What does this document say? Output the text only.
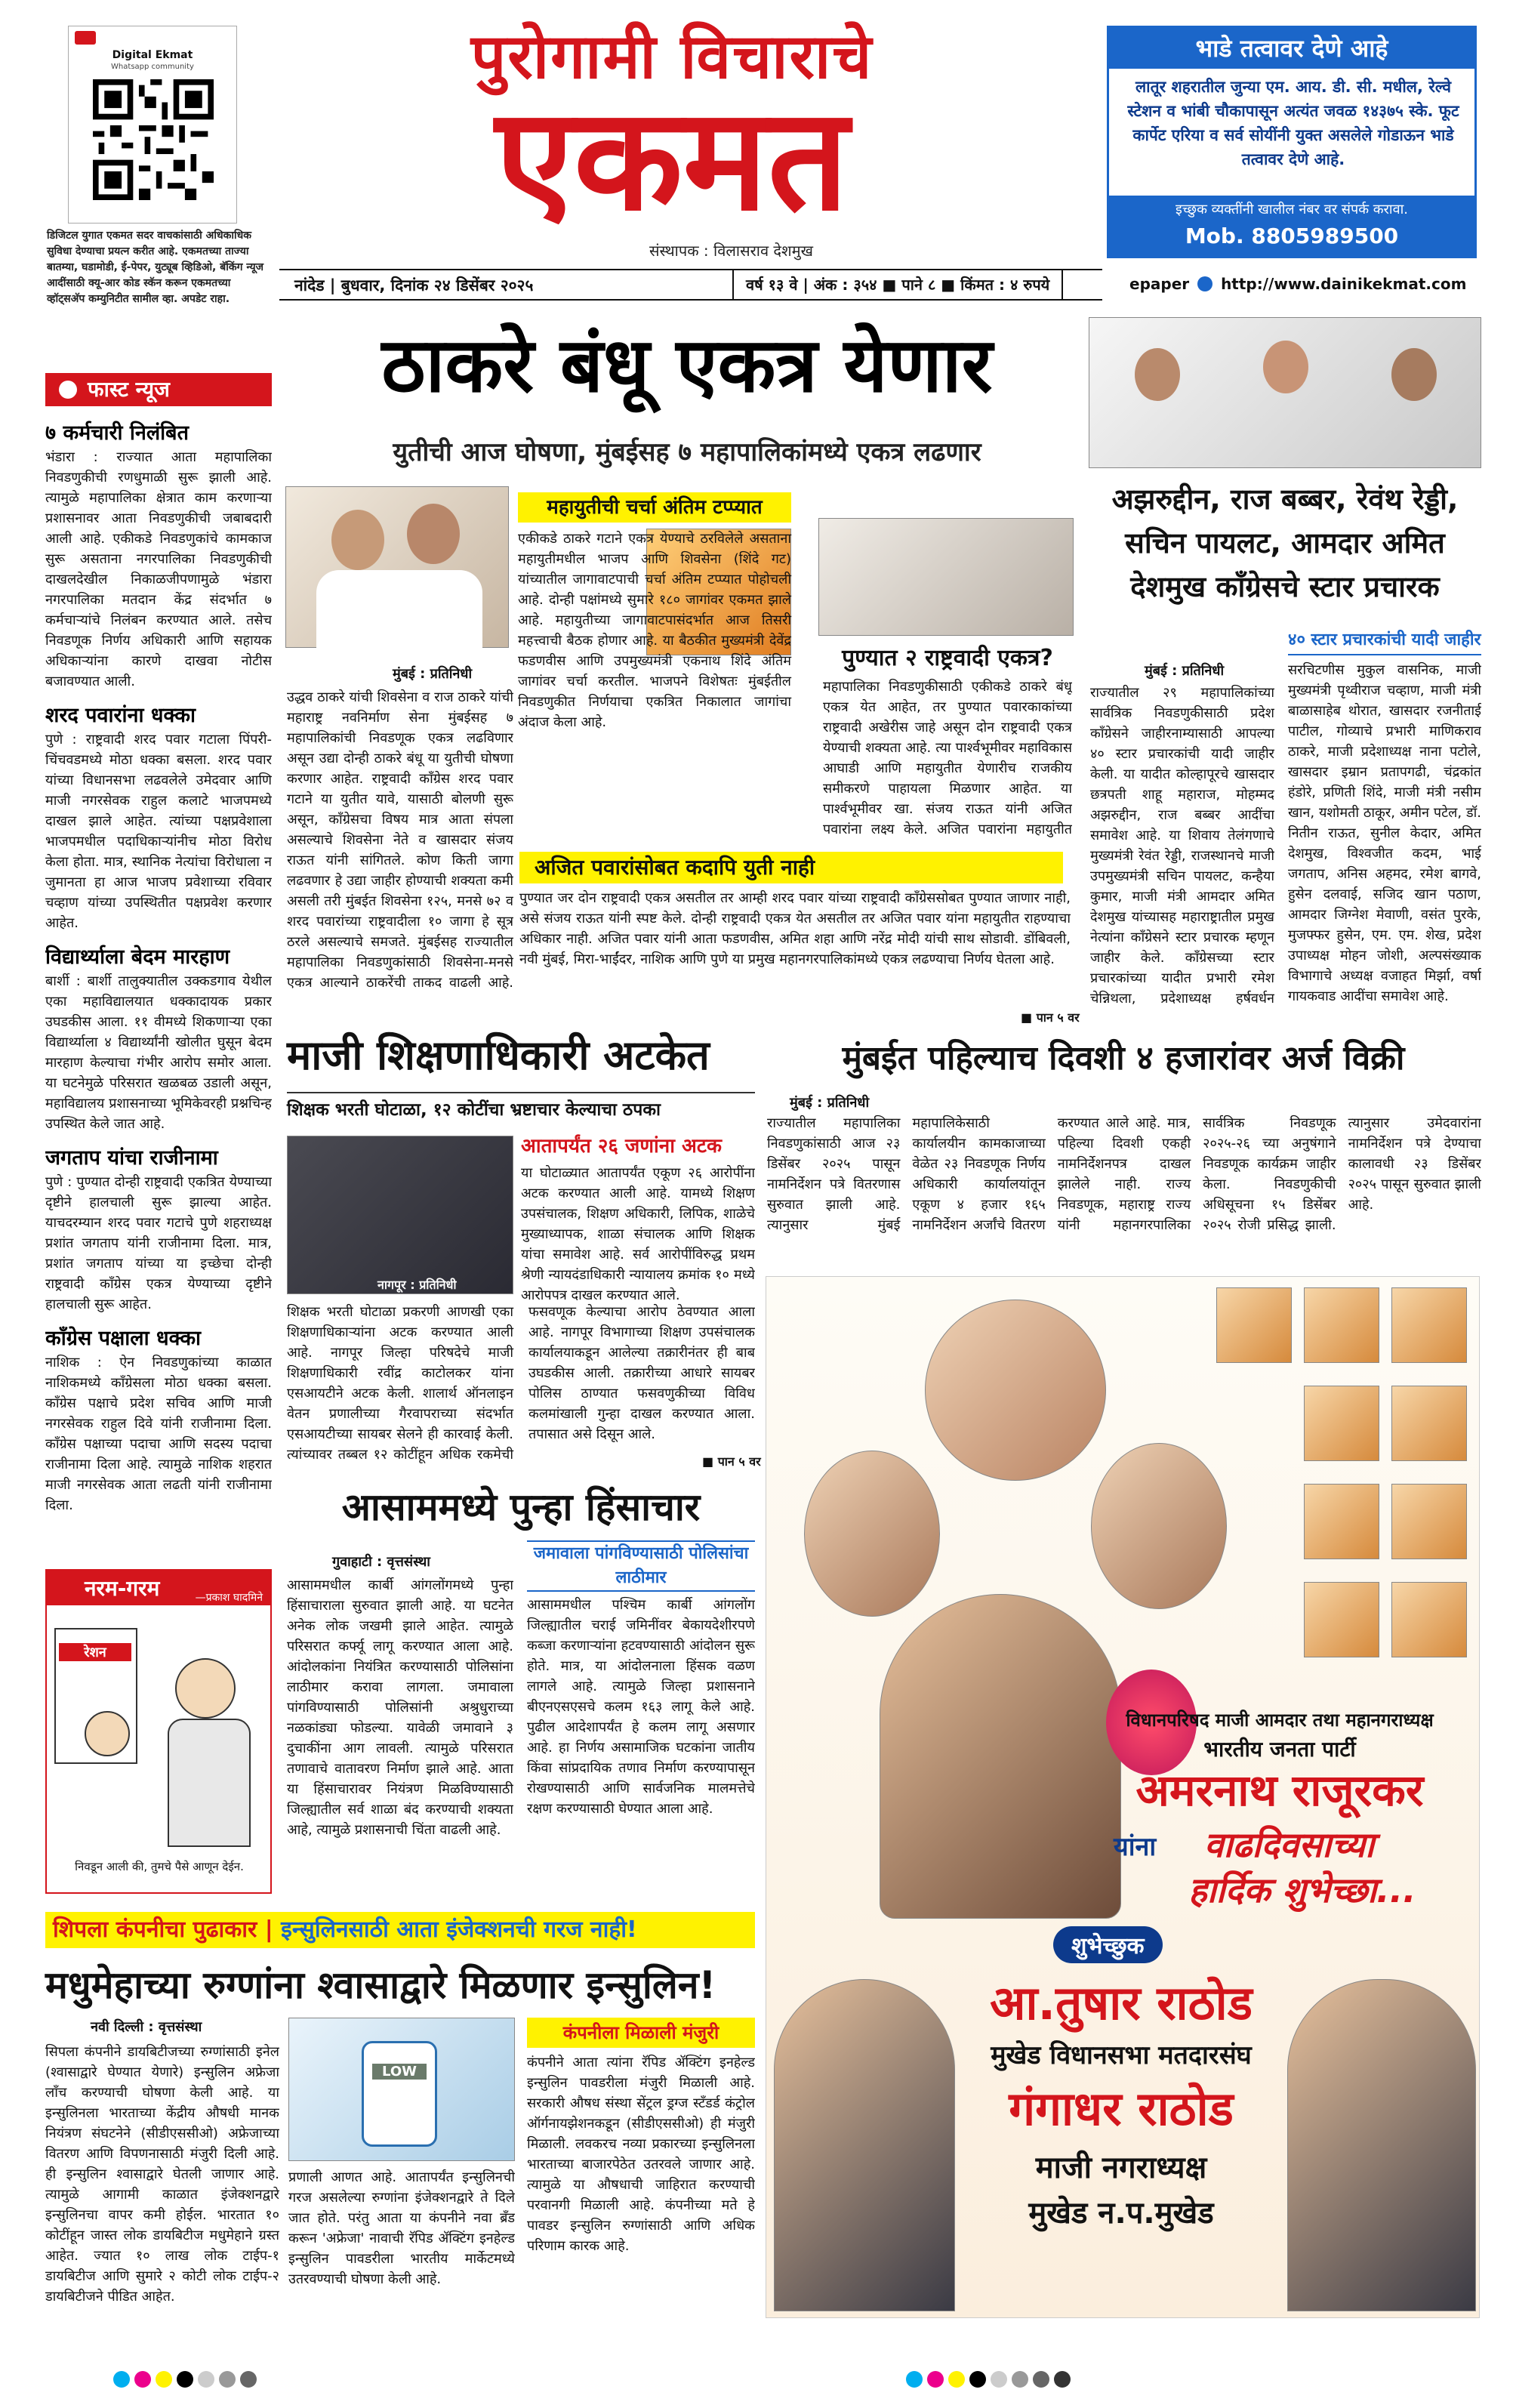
Digital Ekmat
Whatsapp community
डिजिटल युगात एकमत सदर वाचकांसाठी अधिकाधिक सुविधा देण्याचा प्रयत्न करीत आहे. एकमतच्या ताज्या बातम्या, घडामोडी, ई-पेपर, युट्यूब व्हिडिओ, बॅकिंग न्यूज आदींसाठी क्यू-आर कोड स्कॅन करून एकमतच्या व्हॉट्सअ‍ॅप कम्युनिटीत सामील व्हा. अपडेट राहा.
पुरोगामी विचाराचे
एकमत
संस्थापक : विलासराव देशमुख
भाडे तत्वावर देणे आहे
लातूर शहरातील जुन्या एम. आय. डी. सी. मधील, रेल्वे स्टेशन व भांबी चौकापासून अत्यंत जवळ १४३७५ स्के. फूट कार्पेट एरिया व सर्व सोयींनी युक्त असलेले गोडाऊन भाडे तत्वावर देणे आहे.
इच्छुक व्यक्तींनी खालील नंबर वर संपर्क करावा.
Mob. 8805989500
नांदेड | बुधवार, दिनांक २४ डिसेंबर २०२५	वर्ष १३ वे | अंक : ३५४ ■ पाने ८ ■ किंमत : ४ रुपये	epaper http://www.dainikekmat.com
फास्ट न्यूज
७ कर्मचारी निलंबित
भंडारा : राज्यात आता महापालिका निवडणुकीची रणधुमाळी सुरू झाली आहे. त्यामुळे महापालिका क्षेत्रात काम करणाऱ्या प्रशासनावर आता निवडणुकीची जबाबदारी आली आहे. एकीकडे निवडणुकांचे कामकाज सुरू असताना नगरपालिका निवडणुकीची दाखलदेखील निकाळजीपणामुळे भंडारा नगरपालिका मतदान केंद्र संदर्भात ७ कर्मचाऱ्यांचे निलंबन करण्यात आले. तसेच निवडणूक निर्णय अधिकारी आणि सहायक अधिकाऱ्यांना कारणे दाखवा नोटीस बजावण्यात आली.
शरद पवारांना धक्का
पुणे : राष्ट्रवादी शरद पवार गटाला पिंपरी-चिंचवडमध्ये मोठा धक्का बसला. शरद पवार यांच्या विधानसभा लढवलेले उमेदवार आणि माजी नगरसेवक राहुल कलाटे भाजपमध्ये दाखल झाले आहेत. त्यांच्या पक्षप्रवेशाला भाजपमधील पदाधिकाऱ्यांनीच मोठा विरोध केला होता. मात्र, स्थानिक नेत्यांचा विरोधाला न जुमानता हा आज भाजप प्रवेशाच्या रविवार चव्हाण यांच्या उपस्थितीत पक्षप्रवेश करणार आहेत.
विद्यार्थ्याला बेदम मारहाण
बार्शी : बार्शी तालुक्यातील उक्कडगाव येथील एका महाविद्यालयात धक्कादायक प्रकार उघडकीस आला. ११ वीमध्ये शिकणाऱ्या एका विद्यार्थ्याला ४ विद्यार्थ्यांनी खोलीत घुसून बेदम मारहाण केल्याचा गंभीर आरोप समोर आला. या घटनेमुळे परिसरात खळबळ उडाली असून, महाविद्यालय प्रशासनाच्या भूमिकेवरही प्रश्नचिन्ह उपस्थित केले जात आहे.
जगताप यांचा राजीनामा
पुणे : पुण्यात दोन्ही राष्ट्रवादी एकत्रित येण्याच्या दृष्टीने हालचाली सुरू झाल्या आहेत. याचदरम्यान शरद पवार गटाचे पुणे शहराध्यक्ष प्रशांत जगताप यांनी राजीनामा दिला. मात्र, प्रशांत जगताप यांच्या या इच्छेचा दोन्ही राष्ट्रवादी काँग्रेस एकत्र येण्याच्या दृष्टीने हालचाली सुरू आहेत.
काँग्रेस पक्षाला धक्का
नाशिक : ऐन निवडणुकांच्या काळात नाशिकमध्ये काँग्रेसला मोठा धक्का बसला. काँग्रेस पक्षाचे प्रदेश सचिव आणि माजी नगरसेवक राहुल दिवे यांनी राजीनामा दिला. काँग्रेस पक्षाच्या पदाचा आणि सदस्य पदाचा राजीनामा दिला आहे. त्यामुळे नाशिक शहरात माजी नगरसेवक आता लढती यांनी राजीनामा दिला.
नरम-गरम	—प्रकाश घादमिने
रेशन
निवडून आली की, तुमचे पैसे आणून देईन.
ठाकरे बंधू एकत्र येणार
युतीची आज घोषणा, मुंबईसह ७ महापालिकांमध्ये एकत्र लढणार
महायुतीची चर्चा अंतिम टप्प्यात
एकीकडे ठाकरे गटाने एकत्र येण्याचे ठरविलेले असताना महायुतीमधील भाजप आणि शिवसेना (शिंदे गट) यांच्यातील जागावाटपाची चर्चा अंतिम टप्प्यात पोहोचली आहे. दोन्ही पक्षांमध्ये सुमारे १८० जागांवर एकमत झाले आहे. महायुतीच्या जागावाटपासंदर्भात आज तिसरी महत्त्वाची बैठक होणार आहे. या बैठकीत मुख्यमंत्री देवेंद्र फडणवीस आणि उपमुख्यमंत्री एकनाथ शिंदे अंतिम जागांवर चर्चा करतील. भाजपने विशेषतः मुंबईतील निवडणुकीत निर्णयाचा एकत्रित निकालात जागांचा अंदाज केला आहे.
पुण्यात २ राष्ट्रवादी एकत्र?
महापालिका निवडणुकीसाठी एकीकडे ठाकरे बंधू एकत्र येत आहेत, तर पुण्यात पवारकाकांच्या राष्ट्रवादी अखेरीस जाहे असून दोन राष्ट्रवादी एकत्र येण्याची शक्यता आहे. त्या पार्श्वभूमीवर महाविकास आघाडी आणि महायुतीत येणारीच राजकीय समीकरणे पाहायला मिळणार आहेत. या पार्श्वभूमीवर खा. संजय राऊत यांनी अजित पवारांना लक्ष्य केले. अजित पवारांना महायुतीत
मुंबई : प्रतिनिधी
उद्धव ठाकरे यांची शिवसेना व राज ठाकरे यांची महाराष्ट्र नवनिर्माण सेना मुंबईसह ७ महापालिकांची निवडणूक एकत्र लढविणार असून उद्या दोन्ही ठाकरे बंधू या युतीची घोषणा करणार आहेत. राष्ट्रवादी काँग्रेस शरद पवार गटाने या युतीत यावे, यासाठी बोलणी सुरू असून, काँग्रेसचा विषय मात्र आता संपला असल्याचे शिवसेना नेते व खासदार संजय राऊत यांनी सांगितले. कोण किती जागा लढवणार हे उद्या जाहीर होण्याची शक्यता कमी असली तरी मुंबईत शिवसेना १२५, मनसे ७२ व शरद पवारांच्या राष्ट्रवादीला १० जागा हे सूत्र ठरले असल्याचे समजते. मुंबईसह राज्यातील महापालिका निवडणुकांसाठी शिवसेना-मनसे एकत्र आल्याने ठाकरेंची ताकद वाढली आहे.
अजित पवारांसोबत कदापि युती नाही
पुण्यात जर दोन राष्ट्रवादी एकत्र असतील तर आम्ही शरद पवार यांच्या राष्ट्रवादी काँग्रेससोबत पुण्यात जाणार नाही, असे संजय राऊत यांनी स्पष्ट केले. दोन्ही राष्ट्रवादी एकत्र येत असतील तर अजित पवार यांना महायुतीत राहण्याचा अधिकार नाही. अजित पवार यांनी आता फडणवीस, अमित शहा आणि नरेंद्र मोदी यांची साथ सोडावी. डोंबिवली, नवी मुंबई, मिरा-भाईंदर, नाशिक आणि पुणे या प्रमुख महानगरपालिकांमध्ये एकत्र लढण्याचा निर्णय घेतला आहे.
■ पान ५ वर
अझरुद्दीन, राज बब्बर, रेवंथ रेड्डी, सचिन पायलट, आमदार अमित देशमुख काँग्रेसचे स्टार प्रचारक
मुंबई : प्रतिनिधी
राज्यातील २९ महापालिकांच्या सार्वत्रिक निवडणुकीसाठी प्रदेश काँग्रेसने जाहीरनाम्यासाठी आपल्या ४० स्टार प्रचारकांची यादी जाहीर केली. या यादीत कोल्हापूरचे खासदार छत्रपती शाहू महाराज, मोहम्मद अझरुद्दीन, राज बब्बर आदींचा समावेश आहे. या शिवाय तेलंगणाचे मुख्यमंत्री रेवंत रेड्डी, राजस्थानचे माजी उपमुख्यमंत्री सचिन पायलट, कन्हैया कुमार, माजी मंत्री आमदार अमित देशमुख यांच्यासह महाराष्ट्रातील प्रमुख नेत्यांना काँग्रेसने स्टार प्रचारक म्हणून जाहीर केले. काँग्रेसच्या स्टार प्रचारकांच्या यादीत प्रभारी रमेश चेन्निथला, प्रदेशाध्यक्ष हर्षवर्धन
४० स्टार प्रचारकांची यादी जाहीर
सरचिटणीस मुकुल वासनिक, माजी मुख्यमंत्री पृथ्वीराज चव्हाण, माजी मंत्री बाळासाहेब थोरात, खासदार रजनीताई पाटील, गोव्याचे प्रभारी माणिकराव ठाकरे, माजी प्रदेशाध्यक्ष नाना पटोले, खासदार इम्रान प्रतापगढी, चंद्रकांत हंडोरे, प्रणिती शिंदे, माजी मंत्री नसीम खान, यशोमती ठाकूर, अमीन पटेल, डॉ. नितीन राऊत, सुनील केदार, अमित देशमुख, विश्वजीत कदम, भाई जगताप, अनिस अहमद, रमेश बागवे, हुसेन दलवाई, सजिद खान पठाण, आमदार जिग्नेश मेवाणी, वसंत पुरके, मुजफ्फर हुसेन, एम. एम. शेख, प्रदेश उपाध्यक्ष मोहन जोशी, अल्पसंख्याक विभागाचे अध्यक्ष वजाहत मिर्झा, वर्षा गायकवाड आदींचा समावेश आहे.
माजी शिक्षणाधिकारी अटकेत
शिक्षक भरती घोटाळा, १२ कोटींचा भ्रष्टाचार केल्याचा ठपका
नागपूर : प्रतिनिधी
आतापर्यंत २६ जणांना अटक
या घोटाळ्यात आतापर्यंत एकूण २६ आरोपींना अटक करण्यात आली आहे. यामध्ये शिक्षण उपसंचालक, शिक्षण अधिकारी, लिपिक, शाळेचे मुख्याध्यापक, शाळा संचालक आणि शिक्षक यांचा समावेश आहे. सर्व आरोपींविरुद्ध प्रथम श्रेणी न्यायदंडाधिकारी न्यायालय क्रमांक १० मध्ये आरोपपत्र दाखल करण्यात आले.
शिक्षक भरती घोटाळा प्रकरणी आणखी एका शिक्षणाधिकाऱ्यांना अटक करण्यात आली आहे. नागपूर जिल्हा परिषदेचे माजी शिक्षणाधिकारी रवींद्र काटोलकर यांना एसआयटीने अटक केली. शालार्थ ऑनलाइन वेतन प्रणालीच्या गैरवापराच्या संदर्भात एसआयटीच्या सायबर सेलने ही कारवाई केली. त्यांच्यावर तब्बल १२ कोटींहून अधिक रकमेची फसवणूक केल्याचा आरोप ठेवण्यात आला आहे. नागपूर विभागाच्या शिक्षण उपसंचालक कार्यालयाकडून आलेल्या तक्रारीनंतर ही बाब उघडकीस आली. तक्रारीच्या आधारे सायबर पोलिस ठाण्यात फसवणुकीच्या विविध कलमांखाली गुन्हा दाखल करण्यात आला. तपासात असे दिसून आले.
■ पान ५ वर
मुंबईत पहिल्याच दिवशी ४ हजारांवर अर्ज विक्री
मुंबई : प्रतिनिधी
राज्यातील महापालिका निवडणुकांसाठी आज २३ डिसेंबर २०२५ पासून नामनिर्देशन पत्रे वितरणास सुरुवात झाली आहे. त्यानुसार मुंबई महापालिकेसाठी कार्यालयीन कामकाजाच्या वेळेत २३ निवडणूक निर्णय अधिकारी कार्यालयांतून एकूण ४ हजार १६५ नामनिर्देशन अर्जांचे वितरण करण्यात आले आहे. मात्र, पहिल्या दिवशी एकही नामनिर्देशनपत्र दाखल झालेले नाही. राज्य निवडणूक, महाराष्ट्र राज्य यांनी महानगरपालिका सार्वत्रिक निवडणूक २०२५-२६ च्या अनुषंगाने निवडणूक कार्यक्रम जाहीर केला. निवडणुकीची अधिसूचना १५ डिसेंबर २०२५ रोजी प्रसिद्ध झाली. त्यानुसार उमेदवारांना नामनिर्देशन पत्रे देण्याचा कालावधी २३ डिसेंबर २०२५ पासून सुरुवात झाली आहे.
आसाममध्ये पुन्हा हिंसाचार
गुवाहाटी : वृत्तसंस्था	जमावाला पांगविण्यासाठी पोलिसांचा लाठीमार
आसाममधील कार्बी आंगलोंगमध्ये पुन्हा हिंसाचाराला सुरुवात झाली आहे. या घटनेत अनेक लोक जखमी झाले आहेत. त्यामुळे परिसरात कर्फ्यू लागू करण्यात आला आहे. आंदोलकांना नियंत्रित करण्यासाठी पोलिसांना लाठीमार करावा लागला. जमावाला पांगविण्यासाठी पोलिसांनी अश्रुधुराच्या नळकांड्या फोडल्या. यावेळी जमावाने ३ दुचाकींना आग लावली. त्यामुळे परिसरात तणावाचे वातावरण निर्माण झाले आहे. आता या हिंसाचारावर नियंत्रण मिळविण्यासाठी जिल्ह्यातील सर्व शाळा बंद करण्याची शक्यता आहे, त्यामुळे प्रशासनाची चिंता वाढली आहे.
आसाममधील पश्चिम कार्बी आंगलोंग जिल्ह्यातील चराई जमिनींवर बेकायदेशीरपणे कब्जा करणाऱ्यांना हटवण्यासाठी आंदोलन सुरू होते. मात्र, या आंदोलनाला हिंसक वळण लागले आहे. त्यामुळे जिल्हा प्रशासनाने बीएनएसएसचे कलम १६३ लागू केले आहे. पुढील आदेशापर्यंत हे कलम लागू असणार आहे. हा निर्णय असामाजिक घटकांना जातीय किंवा सांप्रदायिक तणाव निर्माण करण्यापासून रोखण्यासाठी आणि सार्वजनिक मालमत्तेचे रक्षण करण्यासाठी घेण्यात आला आहे.
शिपला कंपनीचा पुढाकार | इन्सुलिनसाठी आता इंजेक्शनची गरज नाही!
मधुमेहाच्या रुग्णांना श्वासाद्वारे मिळणार इन्सुलिन!
नवी दिल्ली : वृत्तसंस्था
सिपला कंपनीने डायबिटीजच्या रुग्णांसाठी इनेल (श्वासाद्वारे घेण्यात येणारे) इन्सुलिन अफ्रेजा लाँच करण्याची घोषणा केली आहे. या इन्सुलिनला भारताच्या केंद्रीय औषधी मानक नियंत्रण संघटनेने (सीडीएससीओ) अफ्रेजाच्या वितरण आणि विपणनासाठी मंजुरी दिली आहे. ही इन्सुलिन श्वासाद्वारे घेतली जाणार आहे. त्यामुळे आगामी काळात इंजेक्शनद्वारे इन्सुलिनचा वापर कमी होईल. भारतात १० कोटींहून जास्त लोक डायबिटीज मधुमेहाने ग्रस्त आहेत. ज्यात १० लाख लोक टाईप-१ डायबिटीज आणि सुमारे २ कोटी लोक टाईप-२ डायबिटीजने पीडित आहेत.
LOW
प्रणाली आणत आहे. आतापर्यंत इन्सुलिनची गरज असलेल्या रुग्णांना इंजेक्शनद्वारे ते दिले जात होते. परंतु आता या कंपनीने नवा ब्रँड करून 'अफ्रेजा' नावाची रॅपिड ॲक्टिंग इनहेल्ड इन्सुलिन पावडरीला भारतीय मार्केटमध्ये उतरवण्याची घोषणा केली आहे.
कंपनीला मिळाली मंजुरी
कंपनीने आता त्यांना रॅपिड ॲक्टिंग इनहेल्ड इन्सुलिन पावडरीला मंजुरी मिळाली आहे. सरकारी औषध संस्था सेंट्रल ड्रग्ज स्टँडर्ड कंट्रोल ऑर्गनायझेशनकडून (सीडीएससीओ) ही मंजुरी मिळाली. लवकरच नव्या प्रकारच्या इन्सुलिनला भारताच्या बाजारपेठेत उतरवले जाणार आहे. त्यामुळे या औषधाची जाहिरात करण्याची परवानगी मिळाली आहे. कंपनीच्या मते हे पावडर इन्सुलिन रुग्णांसाठी आणि अधिक परिणाम कारक आहे.
विधानपरिषद माजी आमदार तथा महानगराध्यक्ष
भारतीय जनता पार्टी
अमरनाथ राजूरकर
यांना वाढदिवसाच्या
हार्दिक शुभेच्छा...
शुभेच्छुक
आ.तुषार राठोड
मुखेड विधानसभा मतदारसंघ
गंगाधर राठोड
माजी नगराध्यक्ष
मुखेड न.प.मुखेड
